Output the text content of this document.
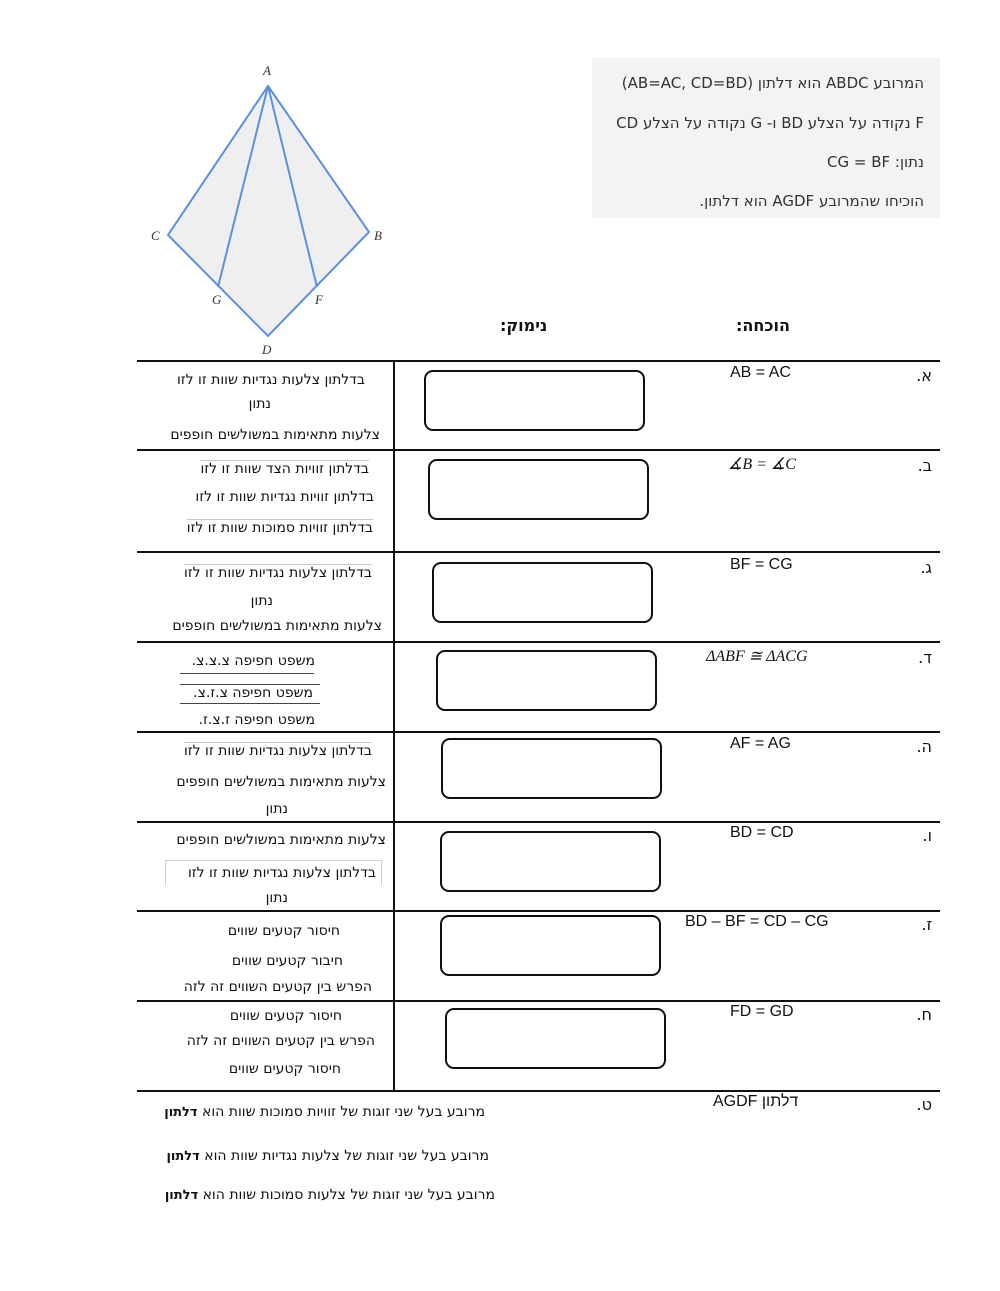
A
B
C
D
F
G
המרובע ABDC הוא דלתון (AB=AC, CD=BD)
F נקודה על הצלע BD ו- G נקודה על הצלע CD
נתון: CG = BF
הוכיחו שהמרובע AGDF הוא דלתון.
נימוק:	הוכחה:
א.
AB = AC
בדלתון צלעות נגדיות שוות זו לזו
נתון
צלעות מתאימות במשולשים חופפים
ב.
∡B = ∡C
בדלתון זוויות הצד שוות זו לזו
בדלתון זוויות נגדיות שוות זו לזו
בדלתון זוויות סמוכות שוות זו לזו
ג.
BF = CG
בדלתון צלעות נגדיות שוות זו לזו
נתון
צלעות מתאימות במשולשים חופפים
ד.
ΔABF ≅ ΔACG
משפט חפיפה צ.צ.צ.
משפט חפיפה צ.ז.צ.
משפט חפיפה ז.צ.ז.
ה.
AF = AG
בדלתון צלעות נגדיות שוות זו לזו
צלעות מתאימות במשולשים חופפים
נתון
ו.
BD = CD
צלעות מתאימות במשולשים חופפים
בדלתון צלעות נגדיות שוות זו לזו
נתון
ז.
BD – BF = CD – CG
חיסור קטעים שווים
חיבור קטעים שווים
הפרש בין קטעים השווים זה לזה
ח.
FD = GD
חיסור קטעים שווים
הפרש בין קטעים השווים זה לזה
חיסור קטעים שווים
ט.
AGDF דלתון
מרובע בעל שני זוגות של זוויות סמוכות שוות הוא דלתון
מרובע בעל שני זוגות של צלעות נגדיות שוות הוא דלתון
מרובע בעל שני זוגות של צלעות סמוכות שוות הוא דלתון
